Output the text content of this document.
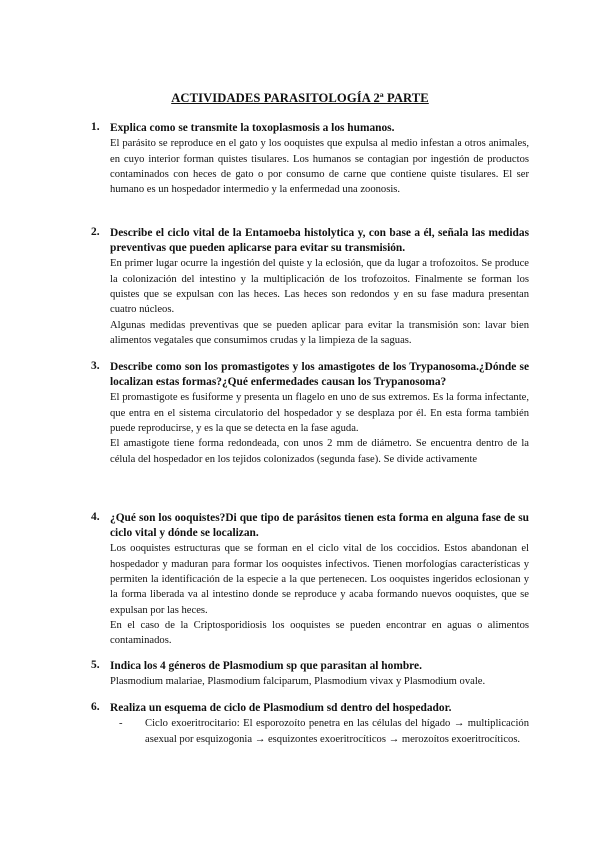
ACTIVIDADES PARASITOLOGÍA 2ª PARTE
1. Explica como se transmite la toxoplasmosis a los humanos.

El parásito se reproduce en el gato y los ooquistes que expulsa al medio infestan a otros animales, en cuyo interior forman quistes tisulares. Los humanos se contagian por ingestión de productos contaminados con heces de gato o por consumo de carne que contiene quiste tisulares. El ser humano es un hospedador intermedio y la enfermedad una zoonosis.

2. Describe el ciclo vital de la Entamoeba histolytica y, con base a él, señala las medidas preventivas que pueden aplicarse para evitar su transmisión.

En primer lugar ocurre la ingestión del quiste y la eclosión, que da lugar a trofozoitos. Se produce la colonización del intestino y la multiplicación de los trofozoitos. Finalmente se forman los quistes que se expulsan con las heces. Las heces son redondos y en su fase madura presentan cuatro núcleos.

Algunas medidas preventivas que se pueden aplicar para evitar la transmisión son: lavar bien alimentos vegatales que consumimos crudas y la limpieza de la saguas.

3. Describe como son los promastigotes y los amastigotes de los Trypanosoma.¿Dónde se localizan estas formas?¿Qué enfermedades causan los Trypanosoma?

El promastigote es fusiforme y presenta un flagelo en uno de sus extremos. Es la forma infectante, que entra en el sistema circulatorio del hospedador y se desplaza por él. En esta forma también puede reproducirse, y es la que se detecta en la fase aguda.

El amastigote tiene forma redondeada, con unos 2 mm de diámetro. Se encuentra dentro de la célula del hospedador en los tejidos colonizados (segunda fase). Se divide activamente

4. ¿Qué son los ooquistes?Di que tipo de parásitos tienen esta forma en alguna fase de su ciclo vital y dónde se localizan.

Los ooquistes estructuras que se forman en el ciclo vital de los coccidios. Estos abandonan el hospedador y maduran para formar los ooquistes infectivos. Tienen morfologías características y permiten la identificación de la especie a la que pertenecen. Los ooquistes ingeridos eclosionan y la forma liberada va al intestino donde se reproduce y acaba formando nuevos ooquistes, que se expulsan por las heces.

En el caso de la Criptosporidiosis los ooquistes se pueden encontrar en aguas o alimentos contaminados.

5. Indica los 4 géneros de Plasmodium sp que parasitan al hombre.

Plasmodium malariae, Plasmodium falciparum, Plasmodium vivax y Plasmodium ovale.

6. Realiza un esquema de ciclo de Plasmodium sd dentro del hospedador.
- Ciclo exoeritrocitario: El esporozoíto penetra en las células del hígado → multiplicación asexual por esquizogonia → esquizontes exoeritrocíticos → merozoítos exoeritrocíticos.
